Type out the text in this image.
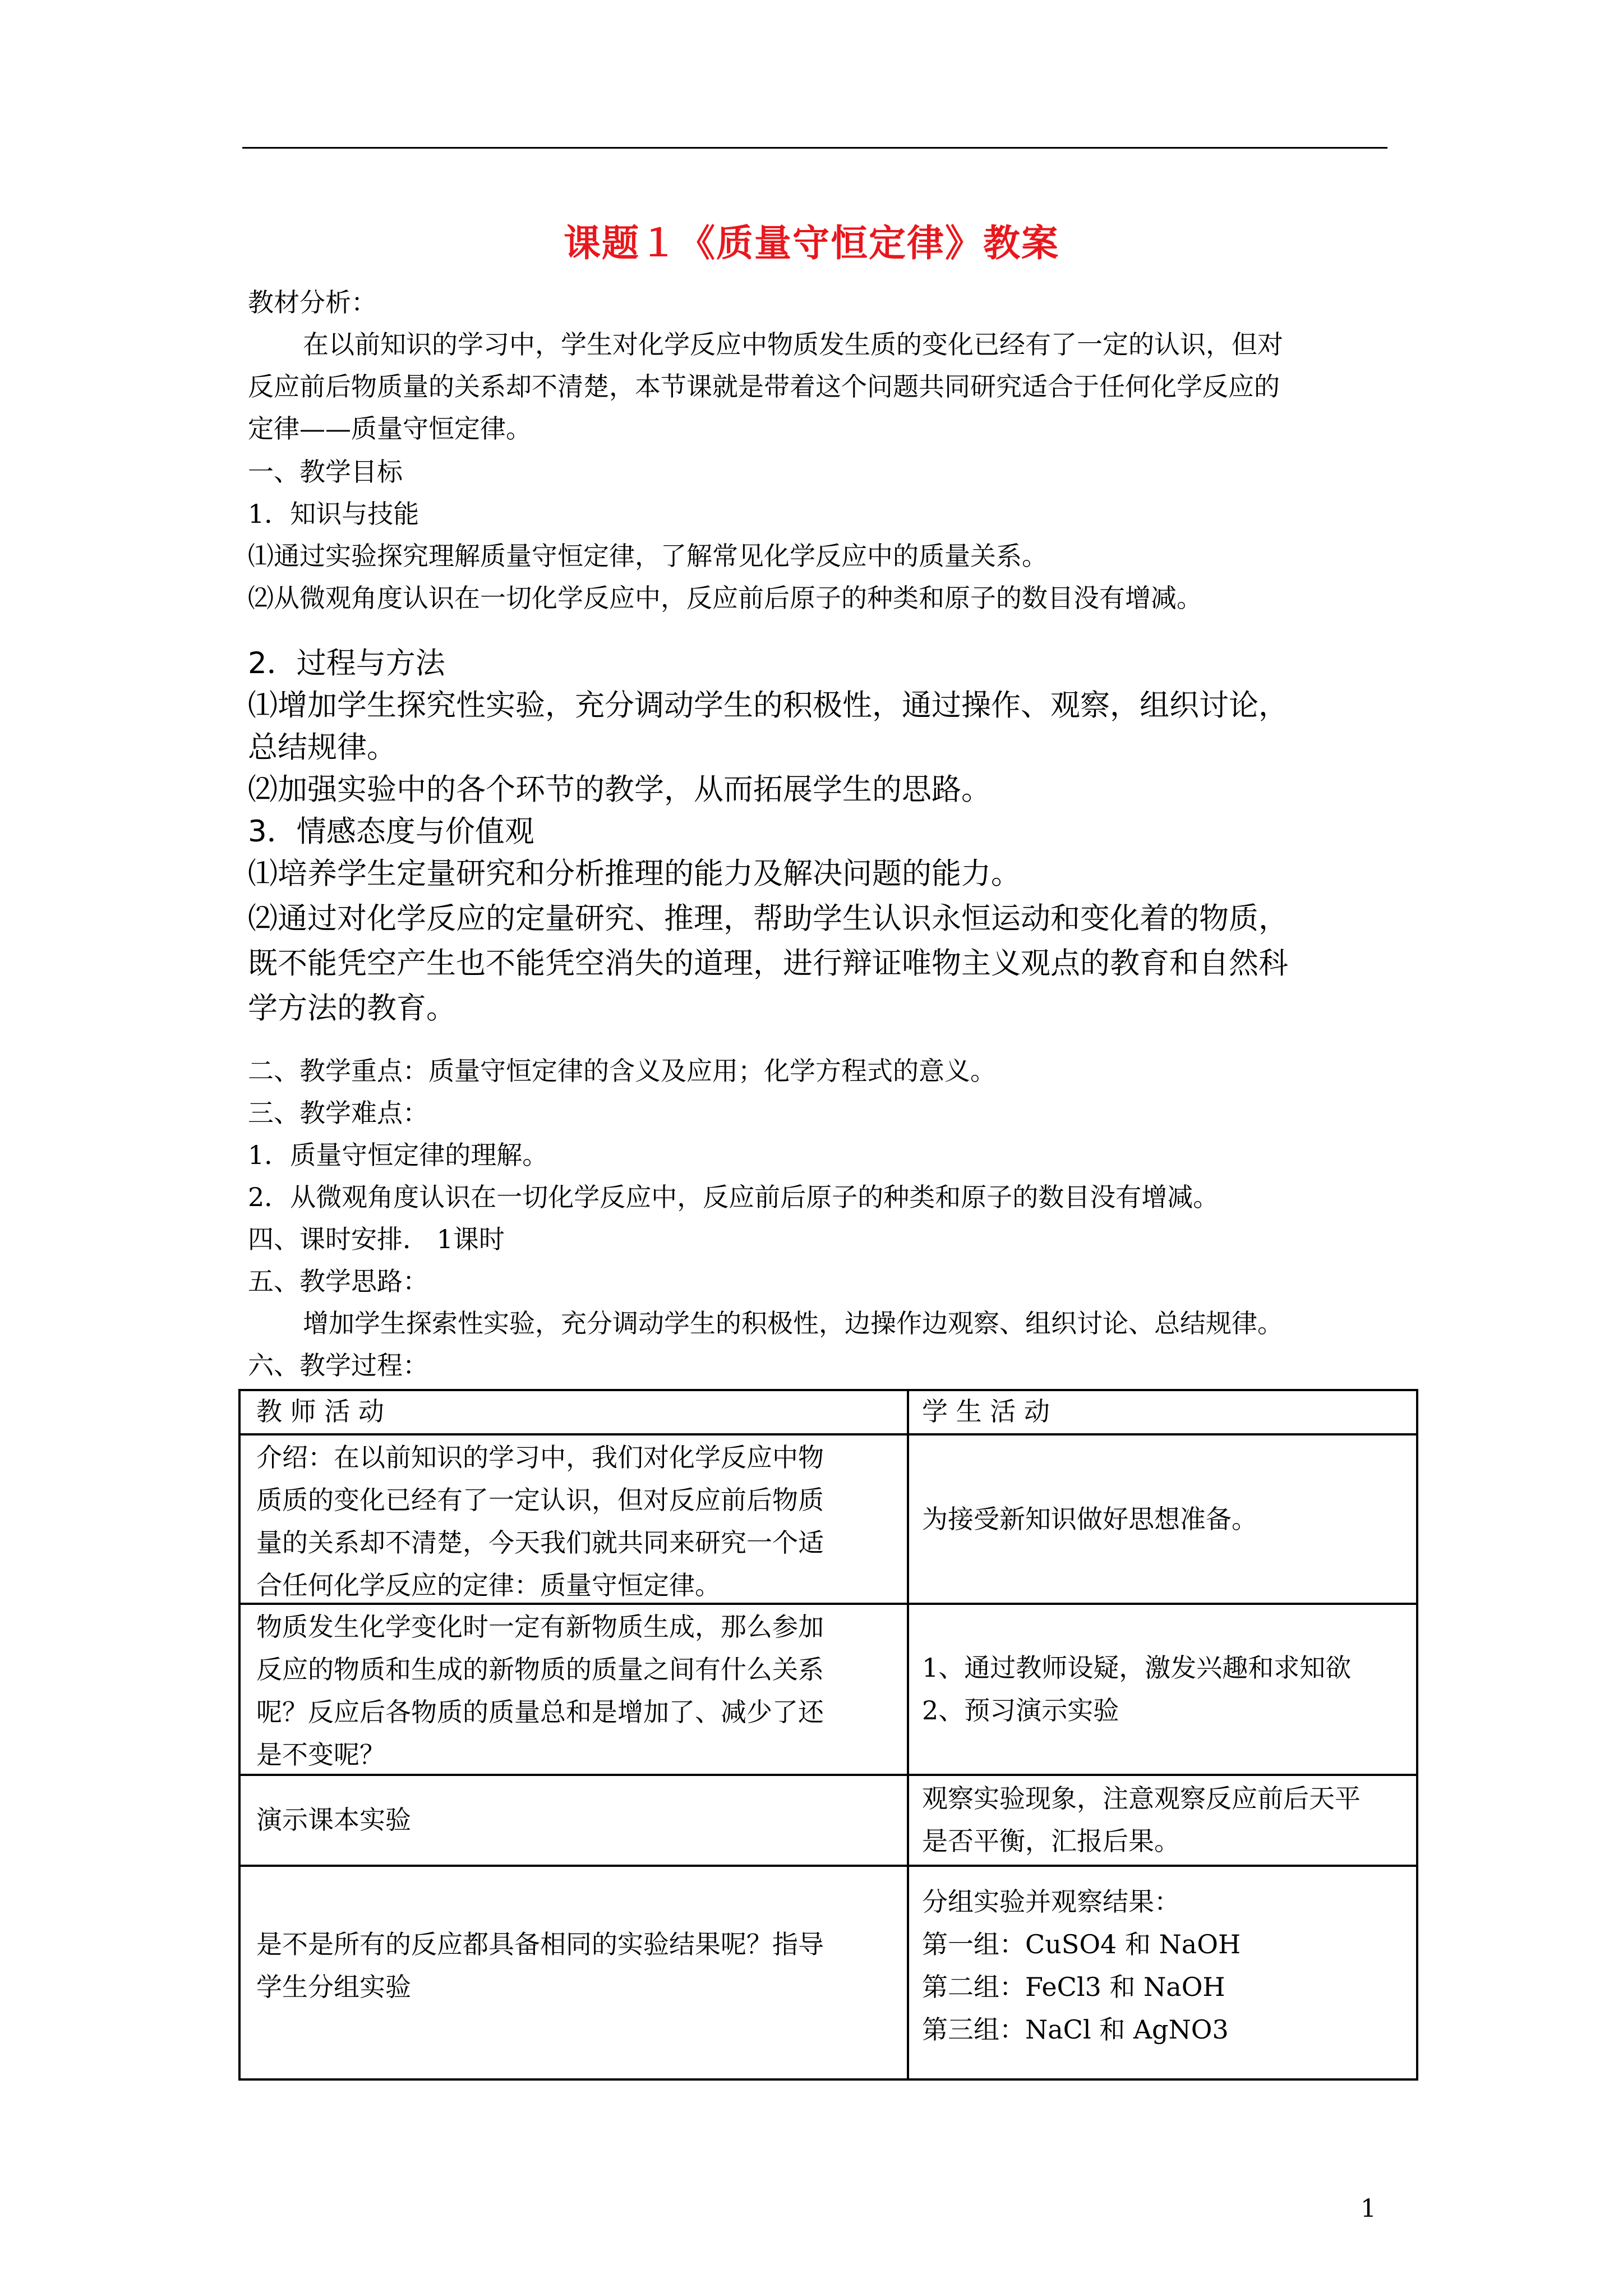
课题１《质量守恒定律》教案
教材分析：
在以前知识的学习中，学生对化学反应中物质发生质的变化已经有了一定的认识，但对
反应前后物质量的关系却不清楚，本节课就是带着这个问题共同研究适合于任何化学反应的
定律——质量守恒定律。
一、教学目标
1．知识与技能
⑴通过实验探究理解质量守恒定律，了解常见化学反应中的质量关系。
⑵从微观角度认识在一切化学反应中，反应前后原子的种类和原子的数目没有增减。
2．过程与方法
⑴增加学生探究性实验，充分调动学生的积极性，通过操作、观察，组织讨论，
总结规律。
⑵加强实验中的各个环节的教学，从而拓展学生的思路。
3．情感态度与价值观
⑴培养学生定量研究和分析推理的能力及解决问题的能力。
⑵通过对化学反应的定量研究、推理，帮助学生认识永恒运动和变化着的物质，
既不能凭空产生也不能凭空消失的道理，进行辩证唯物主义观点的教育和自然科
学方法的教育。
二、教学重点：质量守恒定律的含义及应用；化学方程式的意义。
三、教学难点：
1．质量守恒定律的理解。
2．从微观角度认识在一切化学反应中，反应前后原子的种类和原子的数目没有增减。
四、课时安排． 1课时
五、教学思路：
增加学生探索性实验，充分调动学生的积极性，边操作边观察、组织讨论、总结规律。
六、教学过程：
教 师 活 动	学 生 活 动
介绍：在以前知识的学习中，我们对化学反应中物
质质的变化已经有了一定认识，但对反应前后物质
量的关系却不清楚，今天我们就共同来研究一个适
合任何化学反应的定律：质量守恒定律。
为接受新知识做好思想准备。
物质发生化学变化时一定有新物质生成，那么参加
反应的物质和生成的新物质的质量之间有什么关系
呢？反应后各物质的质量总和是增加了、减少了还
是不变呢？
1、通过教师设疑，激发兴趣和求知欲
2、预习演示实验
演示课本实验
观察实验现象，注意观察反应前后天平
是否平衡，汇报后果。
是不是所有的反应都具备相同的实验结果呢？指导
学生分组实验
分组实验并观察结果：
第一组：CuSO4 和 NaOH
第二组：FeCl3 和 NaOH
第三组：NaCl 和 AgNO3
1
